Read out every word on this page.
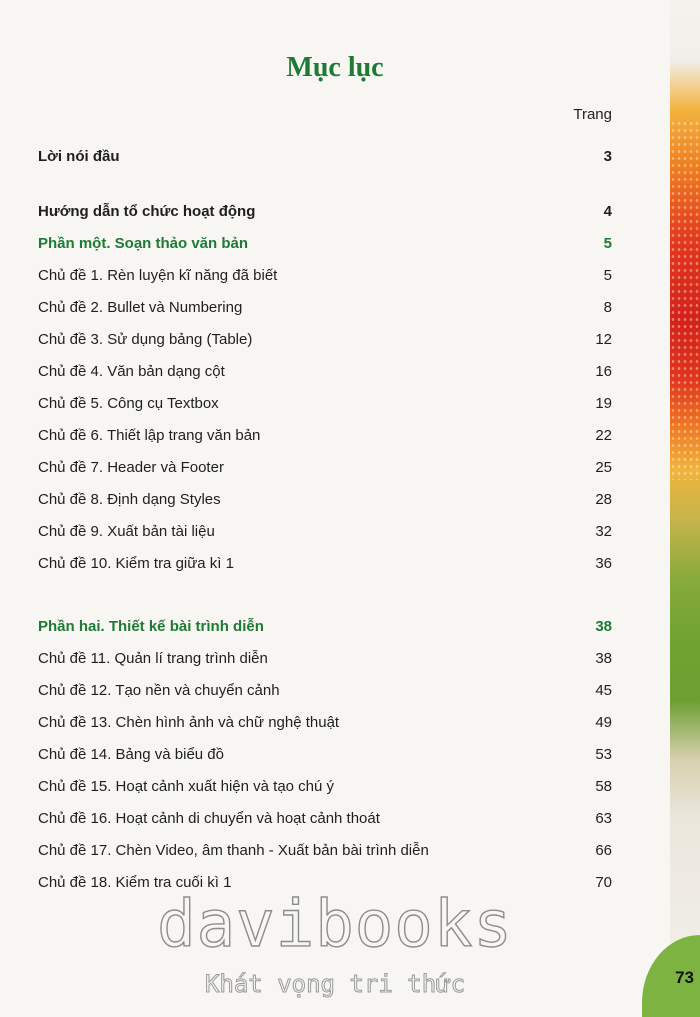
73
Mục lục
Trang
Lời nói đầu	3
Hướng dẫn tổ chức hoạt động	4
Phần một. Soạn thảo văn bản	5
Chủ đề 1. Rèn luyện kĩ năng đã biết	5
Chủ đề 2. Bullet và Numbering	8
Chủ đề 3. Sử dụng bảng (Table)	12
Chủ đề 4. Văn bản dạng cột	16
Chủ đề 5. Công cụ Textbox	19
Chủ đề 6. Thiết lập trang văn bản	22
Chủ đề 7. Header và Footer	25
Chủ đề 8. Định dạng Styles	28
Chủ đề 9. Xuất bản tài liệu	32
Chủ đề 10. Kiểm tra giữa kì 1	36
Phần hai. Thiết kế bài trình diễn	38
Chủ đề 11. Quản lí trang trình diễn	38
Chủ đề 12. Tạo nền và chuyển cảnh	45
Chủ đề 13. Chèn hình ảnh và chữ nghệ thuật	49
Chủ đề 14. Bảng và biểu đồ	53
Chủ đề 15. Hoạt cảnh xuất hiện và tạo chú ý	58
Chủ đề 16. Hoạt cảnh di chuyển và hoạt cảnh thoát	63
Chủ đề 17. Chèn Video, âm thanh - Xuất bản bài trình diễn	66
Chủ đề 18. Kiểm tra cuối kì 1	70
davibooks
Khát vọng tri thức
